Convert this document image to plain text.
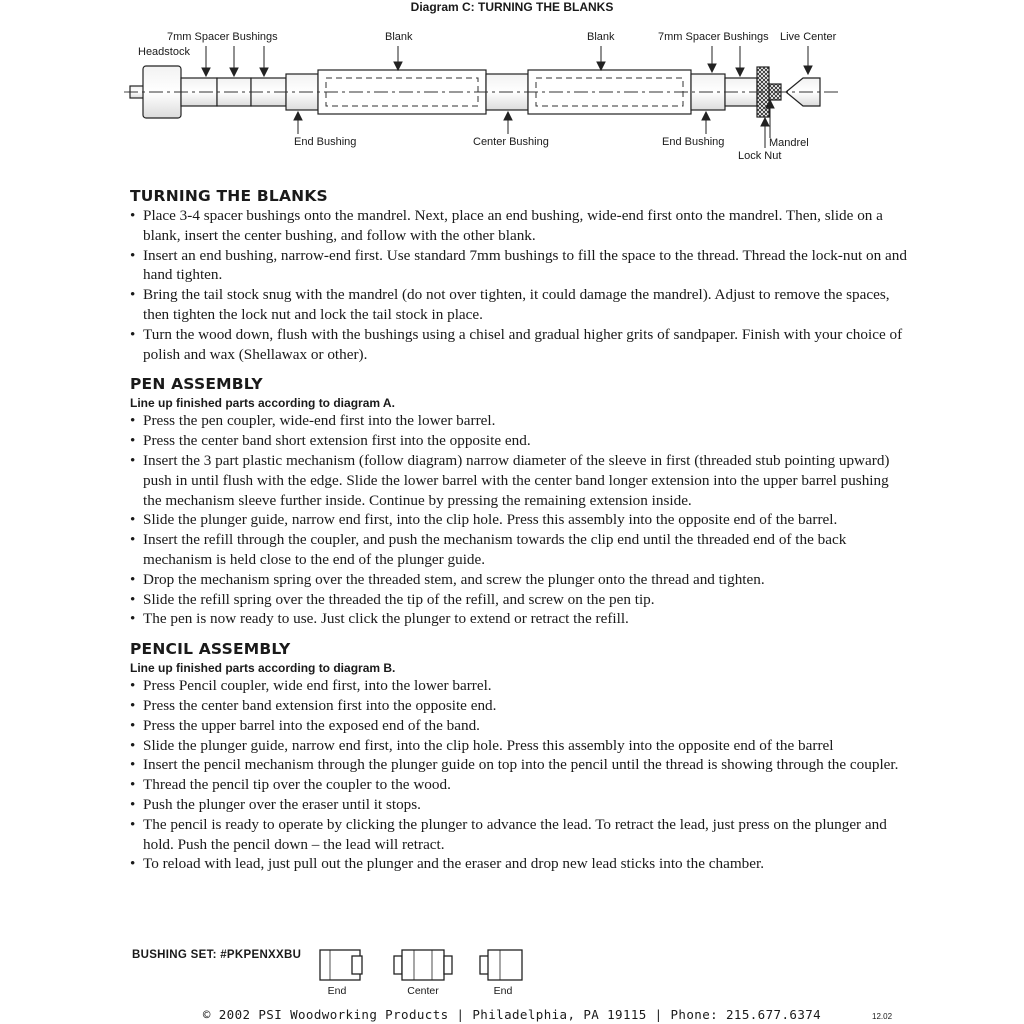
Diagram C: TURNING THE BLANKS
Headstock
7mm Spacer Bushings	Blank	Blank	7mm Spacer Bushings Live Center
End Bushing	Center Bushing	End Bushing	Mandrel
Lock Nut
TURNING THE BLANKS
• Place 3-4 spacer bushings onto the mandrel. Next, place an end bushing, wide-end first onto the mandrel. Then, slide on a blank, insert the center bushing, and follow with the other blank.
• Insert an end bushing, narrow-end first. Use standard 7mm bushings to fill the space to the thread. Thread the lock-nut on and hand tighten.
• Bring the tail stock snug with the mandrel (do not over tighten, it could damage the mandrel). Adjust to remove the spaces, then tighten the lock nut and lock the tail stock in place.
• Turn the wood down, flush with the bushings using a chisel and gradual higher grits of sandpaper. Finish with your choice of polish and wax (Shellawax or other).
PEN ASSEMBLY
Line up finished parts according to diagram A.
• Press the pen coupler, wide-end first into the lower barrel.
• Press the center band short extension first into the opposite end.
• Insert the 3 part plastic mechanism (follow diagram) narrow diameter of the sleeve in first (threaded stub pointing upward) push in until flush with the edge. Slide the lower barrel with the center band longer extension into the upper barrel pushing the mechanism sleeve further inside. Continue by pressing the remaining extension inside.
• Slide the plunger guide, narrow end first, into the clip hole. Press this assembly into the opposite end of the barrel.
• Insert the refill through the coupler, and push the mechanism towards the clip end until the threaded end of the back mechanism is held close to the end of the plunger guide.
• Drop the mechanism spring over the threaded stem, and screw the plunger onto the thread and tighten.
• Slide the refill spring over the threaded the tip of the refill, and screw on the pen tip.
• The pen is now ready to use. Just click the plunger to extend or retract the refill.
PENCIL ASSEMBLY
Line up finished parts according to diagram B.
• Press Pencil coupler, wide end first, into the lower barrel.
• Press the center band extension first into the opposite end.
• Press the upper barrel into the exposed end of the band.
• Slide the plunger guide, narrow end first, into the clip hole. Press this assembly into the opposite end of the barrel
• Insert the pencil mechanism through the plunger guide on top into the pencil until the thread is showing through the coupler.
• Thread the pencil tip over the coupler to the wood.
• Push the plunger over the eraser until it stops.
• The pencil is ready to operate by clicking the plunger to advance the lead. To retract the lead, just press on the plunger and hold. Push the pencil down – the lead will retract.
• To reload with lead, just pull out the plunger and the eraser and drop new lead sticks into the chamber.
BUSHING SET: #PKPENXXBU
End	Center	End
© 2002 PSI Woodworking Products | Philadelphia, PA 19115 | Phone: 215.677.6374	12.02
